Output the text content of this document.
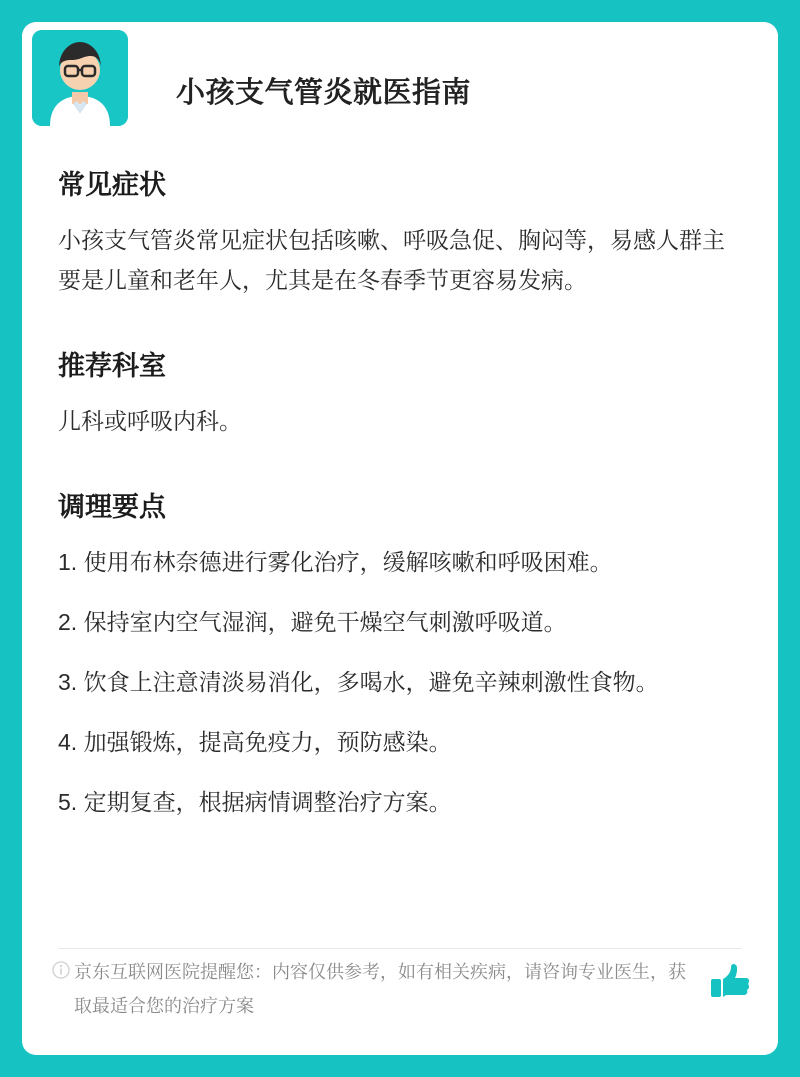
小孩支气管炎就医指南
常见症状

小孩支气管炎常见症状包括咳嗽、呼吸急促、胸闷等，易感人群主要是儿童和老年人，尤其是在冬春季节更容易发病。

推荐科室

儿科或呼吸内科。

调理要点

1. 使用布林奈德进行雾化治疗，缓解咳嗽和呼吸困难。

2. 保持室内空气湿润，避免干燥空气刺激呼吸道。

3. 饮食上注意清淡易消化，多喝水，避免辛辣刺激性食物。

4. 加强锻炼，提高免疫力，预防感染。

5. 定期复查，根据病情调整治疗方案。

京东互联网医院提醒您：内容仅供参考，如有相关疾病，请咨询专业医生，获取最适合您的治疗方案
